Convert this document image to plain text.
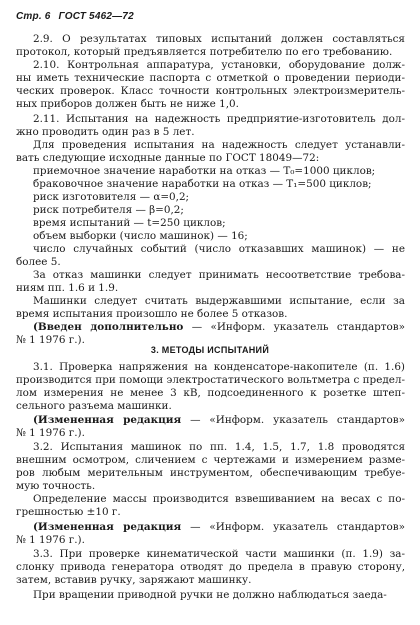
Стр. 6 ГОСТ 5462—72
2.9. О результатах типовых испытаний должен составляться
протокол, который предъявляется потребителю по его требованию.
2.10. Контрольная аппаратура, установки, оборудование долж-
ны иметь технические паспорта с отметкой о проведении периоди-
ческих проверок. Класс точности контрольных электроизмеритель-
ных приборов должен быть не ниже 1,0.
2.11. Испытания на надежность предприятие-изготовитель дол-
жно проводить один раз в 5 лет.
Для проведения испытания на надежность следует устанавли-
вать следующие исходные данные по ГОСТ 18049—72:
приемочное значение наработки на отказ — T₀=1000 циклов;
браковочное значение наработки на отказ — T₁=500 циклов;
риск изготовителя — α=0,2;
риск потребителя — β=0,2;
время испытаний — t=250 циклов;
объем выборки (число машинок) — 16;
число случайных событий (число отказавших машинок) — не
более 5.
За отказ машинки следует принимать несоответствие требова-
ниям пп. 1.6 и 1.9.
Машинки следует считать выдержавшими испытание, если за
время испытания произошло не более 5 отказов.
(Введен дополнительно — «Информ. указатель стандартов»
№ 1 1976 г.).
3. МЕТОДЫ ИСПЫТАНИЙ
3.1. Проверка напряжения на конденсаторе-накопителе (п. 1.6)
производится при помощи электростатического вольтметра с предел-
лом измерения не менее 3 кВ, подсоединенного к розетке штеп-
сельного разъема машинки.
(Измененная редакция — «Информ. указатель стандартов»
№ 1 1976 г.).
3.2. Испытания машинок по пп. 1.4, 1.5, 1.7, 1.8 проводятся
внешним осмотром, сличением с чертежами и измерением разме-
ров любым мерительным инструментом, обеспечивающим требуе-
мую точность.
Определение массы производится взвешиванием на весах с по-
грешностью ±10 г.
(Измененная редакция — «Информ. указатель стандартов»
№ 1 1976 г.).
3.3. При проверке кинематической части машинки (п. 1.9) за-
слонку привода генератора отводят до предела в правую сторону,
затем, вставив ручку, заряжают машинку.
При вращении приводной ручки не должно наблюдаться заеда-
